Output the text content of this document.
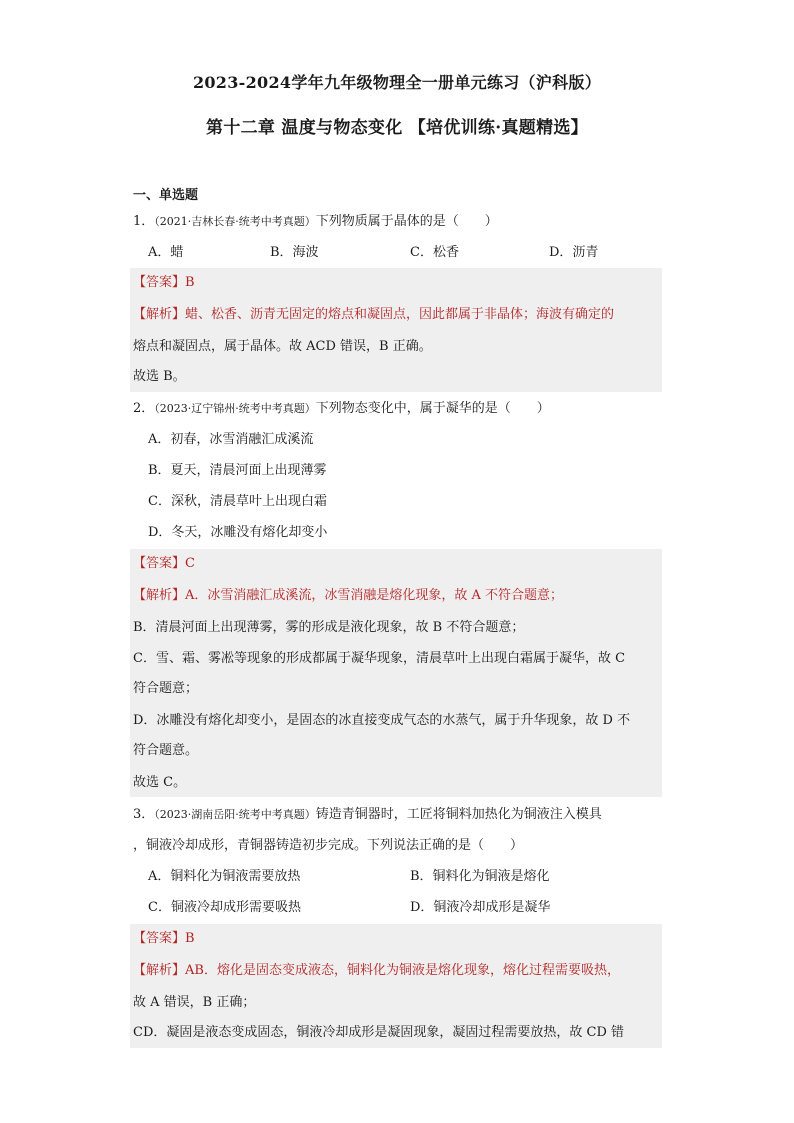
2023-2024学年九年级物理全一册单元练习（沪科版）
第十二章 温度与物态变化 【培优训练·真题精选】
一、单选题
1．（2021·吉林长春·统考中考真题）下列物质属于晶体的是（　　）
A．蜡	B．海波	C．松香	D．沥青
【答案】B
【解析】蜡、松香、沥青无固定的熔点和凝固点，因此都属于非晶体；海波有确定的
熔点和凝固点，属于晶体。故 ACD 错误，B 正确。
故选 B。
2．（2023·辽宁锦州·统考中考真题）下列物态变化中，属于凝华的是（　　）
A．初春，冰雪消融汇成溪流
B．夏天，清晨河面上出现薄雾
C．深秋，清晨草叶上出现白霜
D．冬天，冰雕没有熔化却变小
【答案】C
【解析】A．冰雪消融汇成溪流，冰雪消融是熔化现象，故 A 不符合题意；
B．清晨河面上出现薄雾，雾的形成是液化现象，故 B 不符合题意；
C．雪、霜、雾凇等现象的形成都属于凝华现象，清晨草叶上出现白霜属于凝华，故 C
符合题意；
D．冰雕没有熔化却变小，是固态的冰直接变成气态的水蒸气，属于升华现象，故 D 不
符合题意。
故选 C。
3．（2023·湖南岳阳·统考中考真题）铸造青铜器时，工匠将铜料加热化为铜液注入模具
，铜液冷却成形，青铜器铸造初步完成。下列说法正确的是（　　）
A．铜料化为铜液需要放热	B．铜料化为铜液是熔化
C．铜液冷却成形需要吸热	D．铜液冷却成形是凝华
【答案】B
【解析】AB．熔化是固态变成液态，铜料化为铜液是熔化现象，熔化过程需要吸热，
故 A 错误，B 正确；
CD．凝固是液态变成固态，铜液冷却成形是凝固现象，凝固过程需要放热，故 CD 错
